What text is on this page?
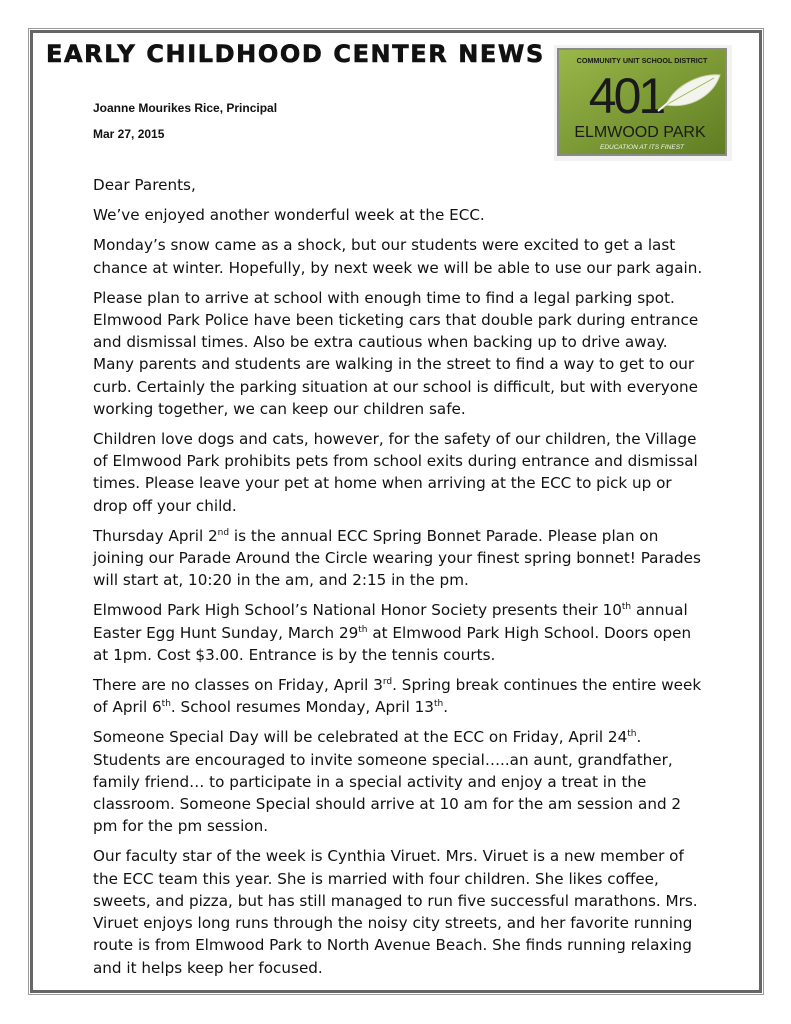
EARLY CHILDHOOD CENTER NEWS
Joanne Mourikes Rice, Principal
Mar 27, 2015
COMMUNITY UNIT SCHOOL DISTRICT
401
ELMWOOD PARK
EDUCATION AT ITS FINEST

Dear Parents,

We’ve enjoyed another wonderful week at the ECC.

Monday’s snow came as a shock, but our students were excited to get a last chance at winter. Hopefully, by next week we will be able to use our park again.

Please plan to arrive at school with enough time to find a legal parking spot. Elmwood Park Police have been ticketing cars that double park during entrance and dismissal times. Also be extra cautious when backing up to drive away. Many parents and students are walking in the street to find a way to get to our curb. Certainly the parking situation at our school is difficult, but with everyone working together, we can keep our children safe.

Children love dogs and cats, however, for the safety of our children, the Village of Elmwood Park prohibits pets from school exits during entrance and dismissal times. Please leave your pet at home when arriving at the ECC to pick up or drop off your child.

Thursday April 2nd is the annual ECC Spring Bonnet Parade. Please plan on joining our Parade Around the Circle wearing your finest spring bonnet! Parades will start at, 10:20 in the am, and 2:15 in the pm.

Elmwood Park High School’s National Honor Society presents their 10th annual Easter Egg Hunt Sunday, March 29th at Elmwood Park High School. Doors open at 1pm. Cost $3.00. Entrance is by the tennis courts.

There are no classes on Friday, April 3rd. Spring break continues the entire week of April 6th. School resumes Monday, April 13th.

Someone Special Day will be celebrated at the ECC on Friday, April 24th. Students are encouraged to invite someone special…..an aunt, grandfather, family friend… to participate in a special activity and enjoy a treat in the classroom. Someone Special should arrive at 10 am for the am session and 2 pm for the pm session.

Our faculty star of the week is Cynthia Viruet. Mrs. Viruet is a new member of the ECC team this year. She is married with four children. She likes coffee, sweets, and pizza, but has still managed to run five successful marathons. Mrs. Viruet enjoys long runs through the noisy city streets, and her favorite running route is from Elmwood Park to North Avenue Beach. She finds running relaxing and it helps keep her focused.
